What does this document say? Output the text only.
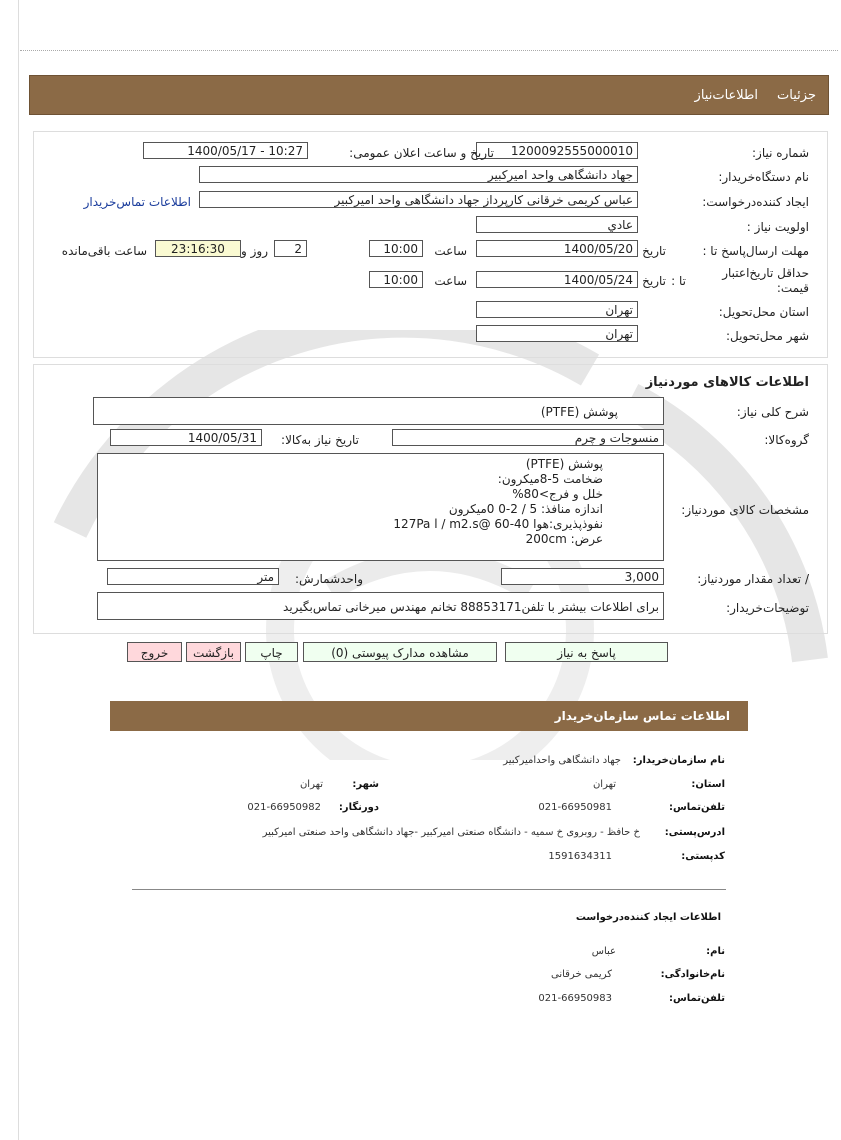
جزئیات
اطلاعات‌نیاز
شماره نیاز:
1200092555000010
تاریخ و ساعت اعلان عمومی:
1400/05/17 - 10:27
نام دستگاه‌خریدار:
جهاد دانشگاهی واحد امیرکبیر
ایجاد کننده‌درخواست:
عباس کریمی خرقانی کارپرداز جهاد دانشگاهی واحد امیرکبیر
اطلاعات تماس‌خریدار
اولویت نیاز :
عادي
مهلت ارسال‌پاسخ تا :
تاریخ
1400/05/20
ساعت
10:00
2
روز و
23:16:30
ساعت باقی‌مانده
حداقل تاریخ‌اعتبار
قیمت:
تا :
تاریخ
1400/05/24
ساعت
10:00
استان محل‌تحویل:
تهران
شهر محل‌تحویل:
تهران
اطلاعات کالاهای موردنیاز
شرح کلی نیاز:
پوشش (PTFE)
گروه‌کالا:
منسوجات و چرم
تاریخ نیاز به‌کالا:
1400/05/31
مشخصات کالای مورد‌نیاز:
پوشش (PTFE)
ضخامت 5-8میکرون:
خلل و فرج>80%
اندازه منافذ: 5 / 2-0 0میکرون
نفوذپذیری:هوا 40-60 @127Pa l / m2.s
عرض: 200cm
/ تعداد مقدار مورد‌نیاز:
3,000
واحد‌شمارش:
متر
توضیحات‌خریدار:
برای اطلاعات بیشتر با تلفن88853171 تخانم مهندس میرخانی تماس‌بگیرید
پاسخ به نیاز
مشاهده مدارک پیوستی (0)
چاپ
بازگشت
خروج
اطلاعات تماس سازمان‌خریدار
نام سازمان‌خریدار:
جهاد دانشگاهی واحدامیرکبیر
استان:
تهران
شهر:
تهران
تلفن‌تماس:
021-66950981
دورنگار:
021-66950982
ادرس‌پستی:
خ حافظ - روبروی خ سمیه - دانشگاه صنعتی امیرکبیر -جهاد دانشگاهی واحد صنعتی امیرکبیر
کدپستی:
1591634311
اطلاعات ایجاد کننده‌درخواست
نام:
عباس
نام‌خانوادگی:
کریمی خرقانی
تلفن‌تماس:
021-66950983
